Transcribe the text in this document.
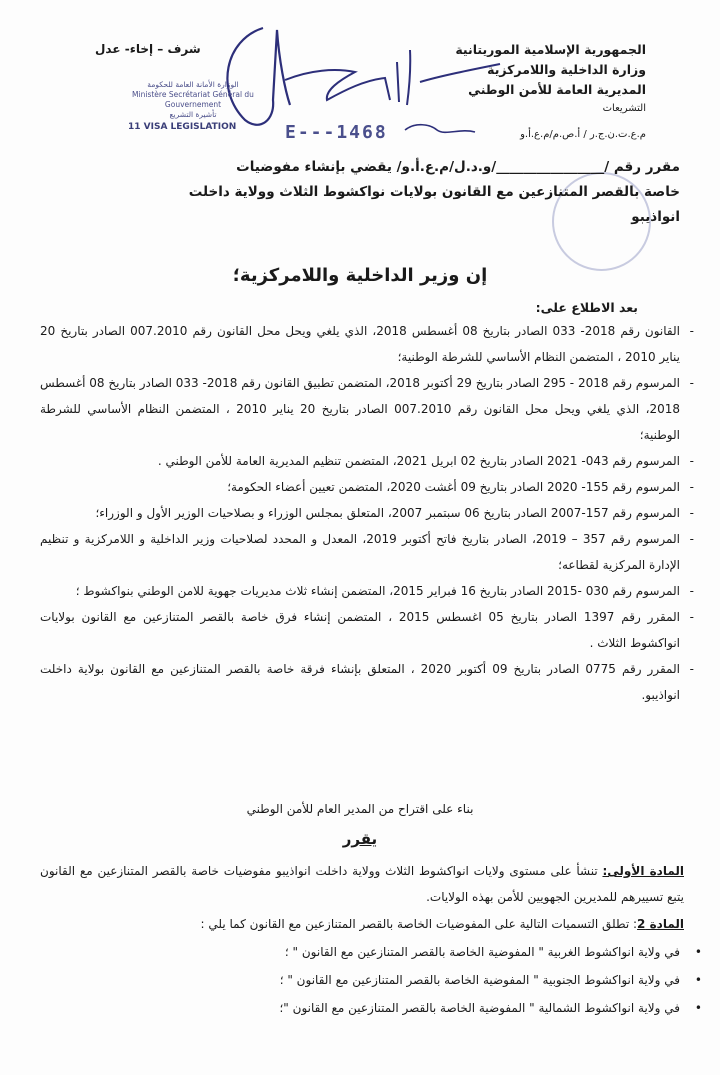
الجمهورية الإسلامية الموريتانية
وزارة الداخلية واللامركزية
المديرية العامة للأمن الوطني
التشريعات
م.ع.ت.ن.ج.ر / أ.ص.م/م.ع.أ.و
شرف – إخاء- عدل
الوزارة الأمانة العامة للحكومة
Ministère Secrétariat Général du Gouvernement
تأشيرة التشريع
11 VISA LEGISLATION	E---1468
مقرر رقم /________________/و.د.ل/م.ع.أ.و/ يقضي بإنشاء مفوضيات
خاصة بالقصر المتنازعين مع القانون بولايات نواكشوط الثلاث وولاية داخلت
انواذيبو
إن وزير الداخلية واللامركزية؛
بعد الاطلاع على:
- القانون رقم 2018- 033 الصادر بتاريخ 08 أغسطس 2018، الذي يلغي ويحل محل القانون رقم 007.2010 الصادر بتاريخ 20 يناير 2010 ، المتضمن النظام الأساسي للشرطة الوطنية؛
- المرسوم رقم 2018 - 295 الصادر بتاريخ 29 أكتوبر 2018، المتضمن تطبيق القانون رقم 2018- 033 الصادر بتاريخ 08 أغسطس 2018، الذي يلغي ويحل محل القانون رقم 007.2010 الصادر بتاريخ 20 يناير 2010 ، المتضمن النظام الأساسي للشرطة الوطنية؛
- المرسوم رقم 043- 2021 الصادر بتاريخ 02 ابريل 2021، المتضمن تنظيم المديرية العامة للأمن الوطني .
- المرسوم رقم 155- 2020 الصادر بتاريخ 09 أغشت 2020، المتضمن تعيين أعضاء الحكومة؛
- المرسوم رقم 157-2007 الصادر بتاريخ 06 سبتمبر 2007، المتعلق بمجلس الوزراء و بصلاحيات الوزير الأول و الوزراء؛
- المرسوم رقم 357 – 2019، الصادر بتاريخ فاتح أكتوبر 2019، المعدل و المحدد لصلاحيات وزير الداخلية و اللامركزية و تنظيم الإدارة المركزية لقطاعه؛
- المرسوم رقم 030 -2015 الصادر بتاريخ 16 فبراير 2015، المتضمن إنشاء ثلاث مديريات جهوية للامن الوطني بنواكشوط ؛
- المقرر رقم 1397 الصادر بتاريخ 05 اغسطس 2015 ، المتضمن إنشاء فرق خاصة بالقصر المتنازعين مع القانون بولايات انواكشوط الثلاث .
- المقرر رقم 0775 الصادر بتاريخ 09 أكتوبر 2020 ، المتعلق بإنشاء فرقة خاصة بالقصر المتنازعين مع القانون بولاية داخلت انواذيبو.
بناء على اقتراح من المدير العام للأمن الوطني
يقرر
المادة الأولى: تنشأ على مستوى ولايات انواكشوط الثلاث وولاية داخلت انواذيبو مفوضيات خاصة بالقصر المتنازعين مع القانون يتبع تسييرهم للمديرين الجهويين للأمن بهذه الولايات.
المادة 2: تطلق التسميات التالية على المفوضيات الخاصة بالقصر المتنازعين مع القانون كما يلي :
• في ولاية انواكشوط الغربية " المفوضية الخاصة بالقصر المتنازعين مع القانون " ؛
• في ولاية انواكشوط الجنوبية " المفوضية الخاصة بالقصر المتنازعين مع القانون " ؛
• في ولاية انواكشوط الشمالية " المفوضية الخاصة بالقصر المتنازعين مع القانون "؛
